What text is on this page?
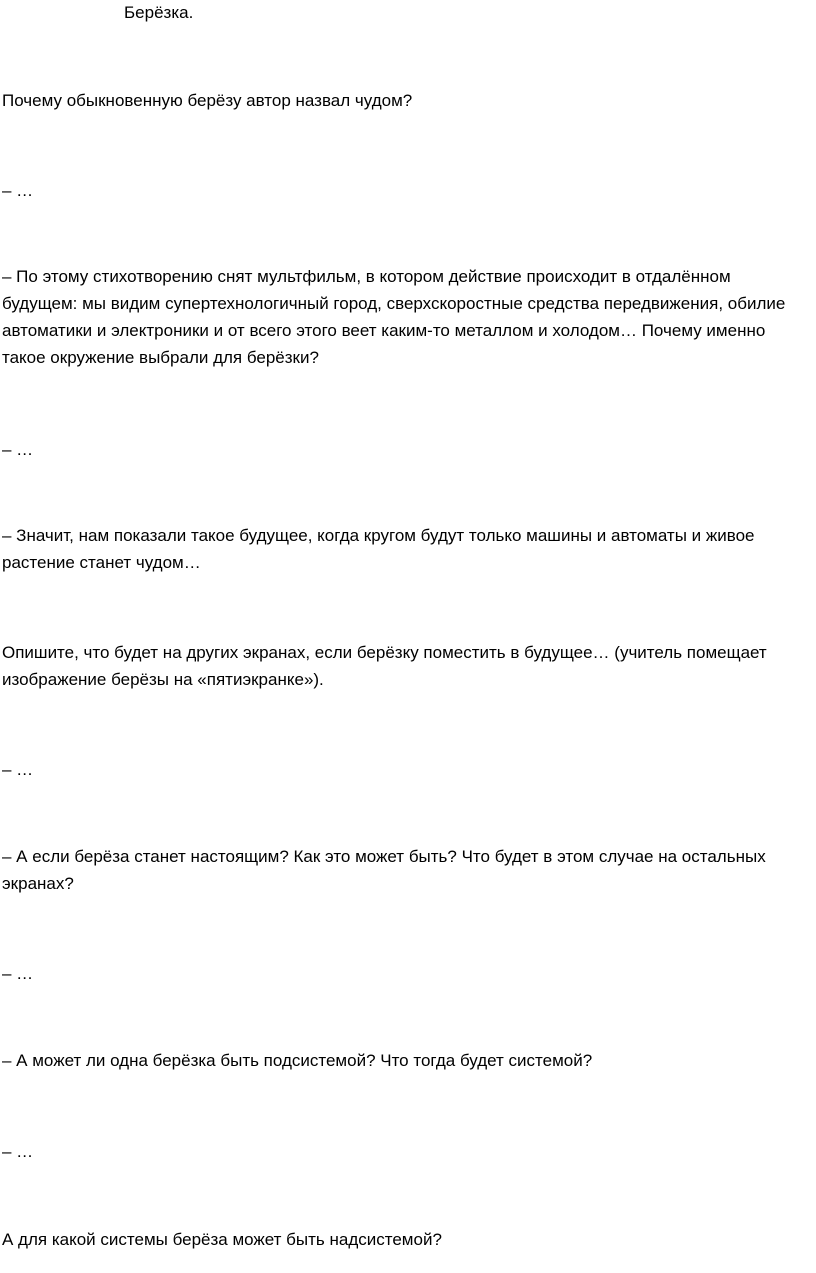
Берёзка.

Почему обыкновенную берёзу автор назвал чудом?

– …

– По этому стихотворению снят мультфильм, в котором действие происходит в отдалённом будущем: мы видим супертехнологичный город, сверхскоростные средства передвижения, обилие автоматики и электроники и от всего этого веет каким-то металлом и холодом… Почему именно такое окружение выбрали для берёзки?

– …

– Значит, нам показали такое будущее, когда кругом будут только машины и автоматы и живое растение станет чудом…

Опишите, что будет на других экранах, если берёзку поместить в будущее… (учитель помещает изображение берёзы на «пятиэкранке»).

– …

– А если берёза станет настоящим? Как это может быть? Что будет в этом случае на остальных экранах?

– …

– А может ли одна берёзка быть подсистемой? Что тогда будет системой?

– …

А для какой системы берёза может быть надсистемой?
